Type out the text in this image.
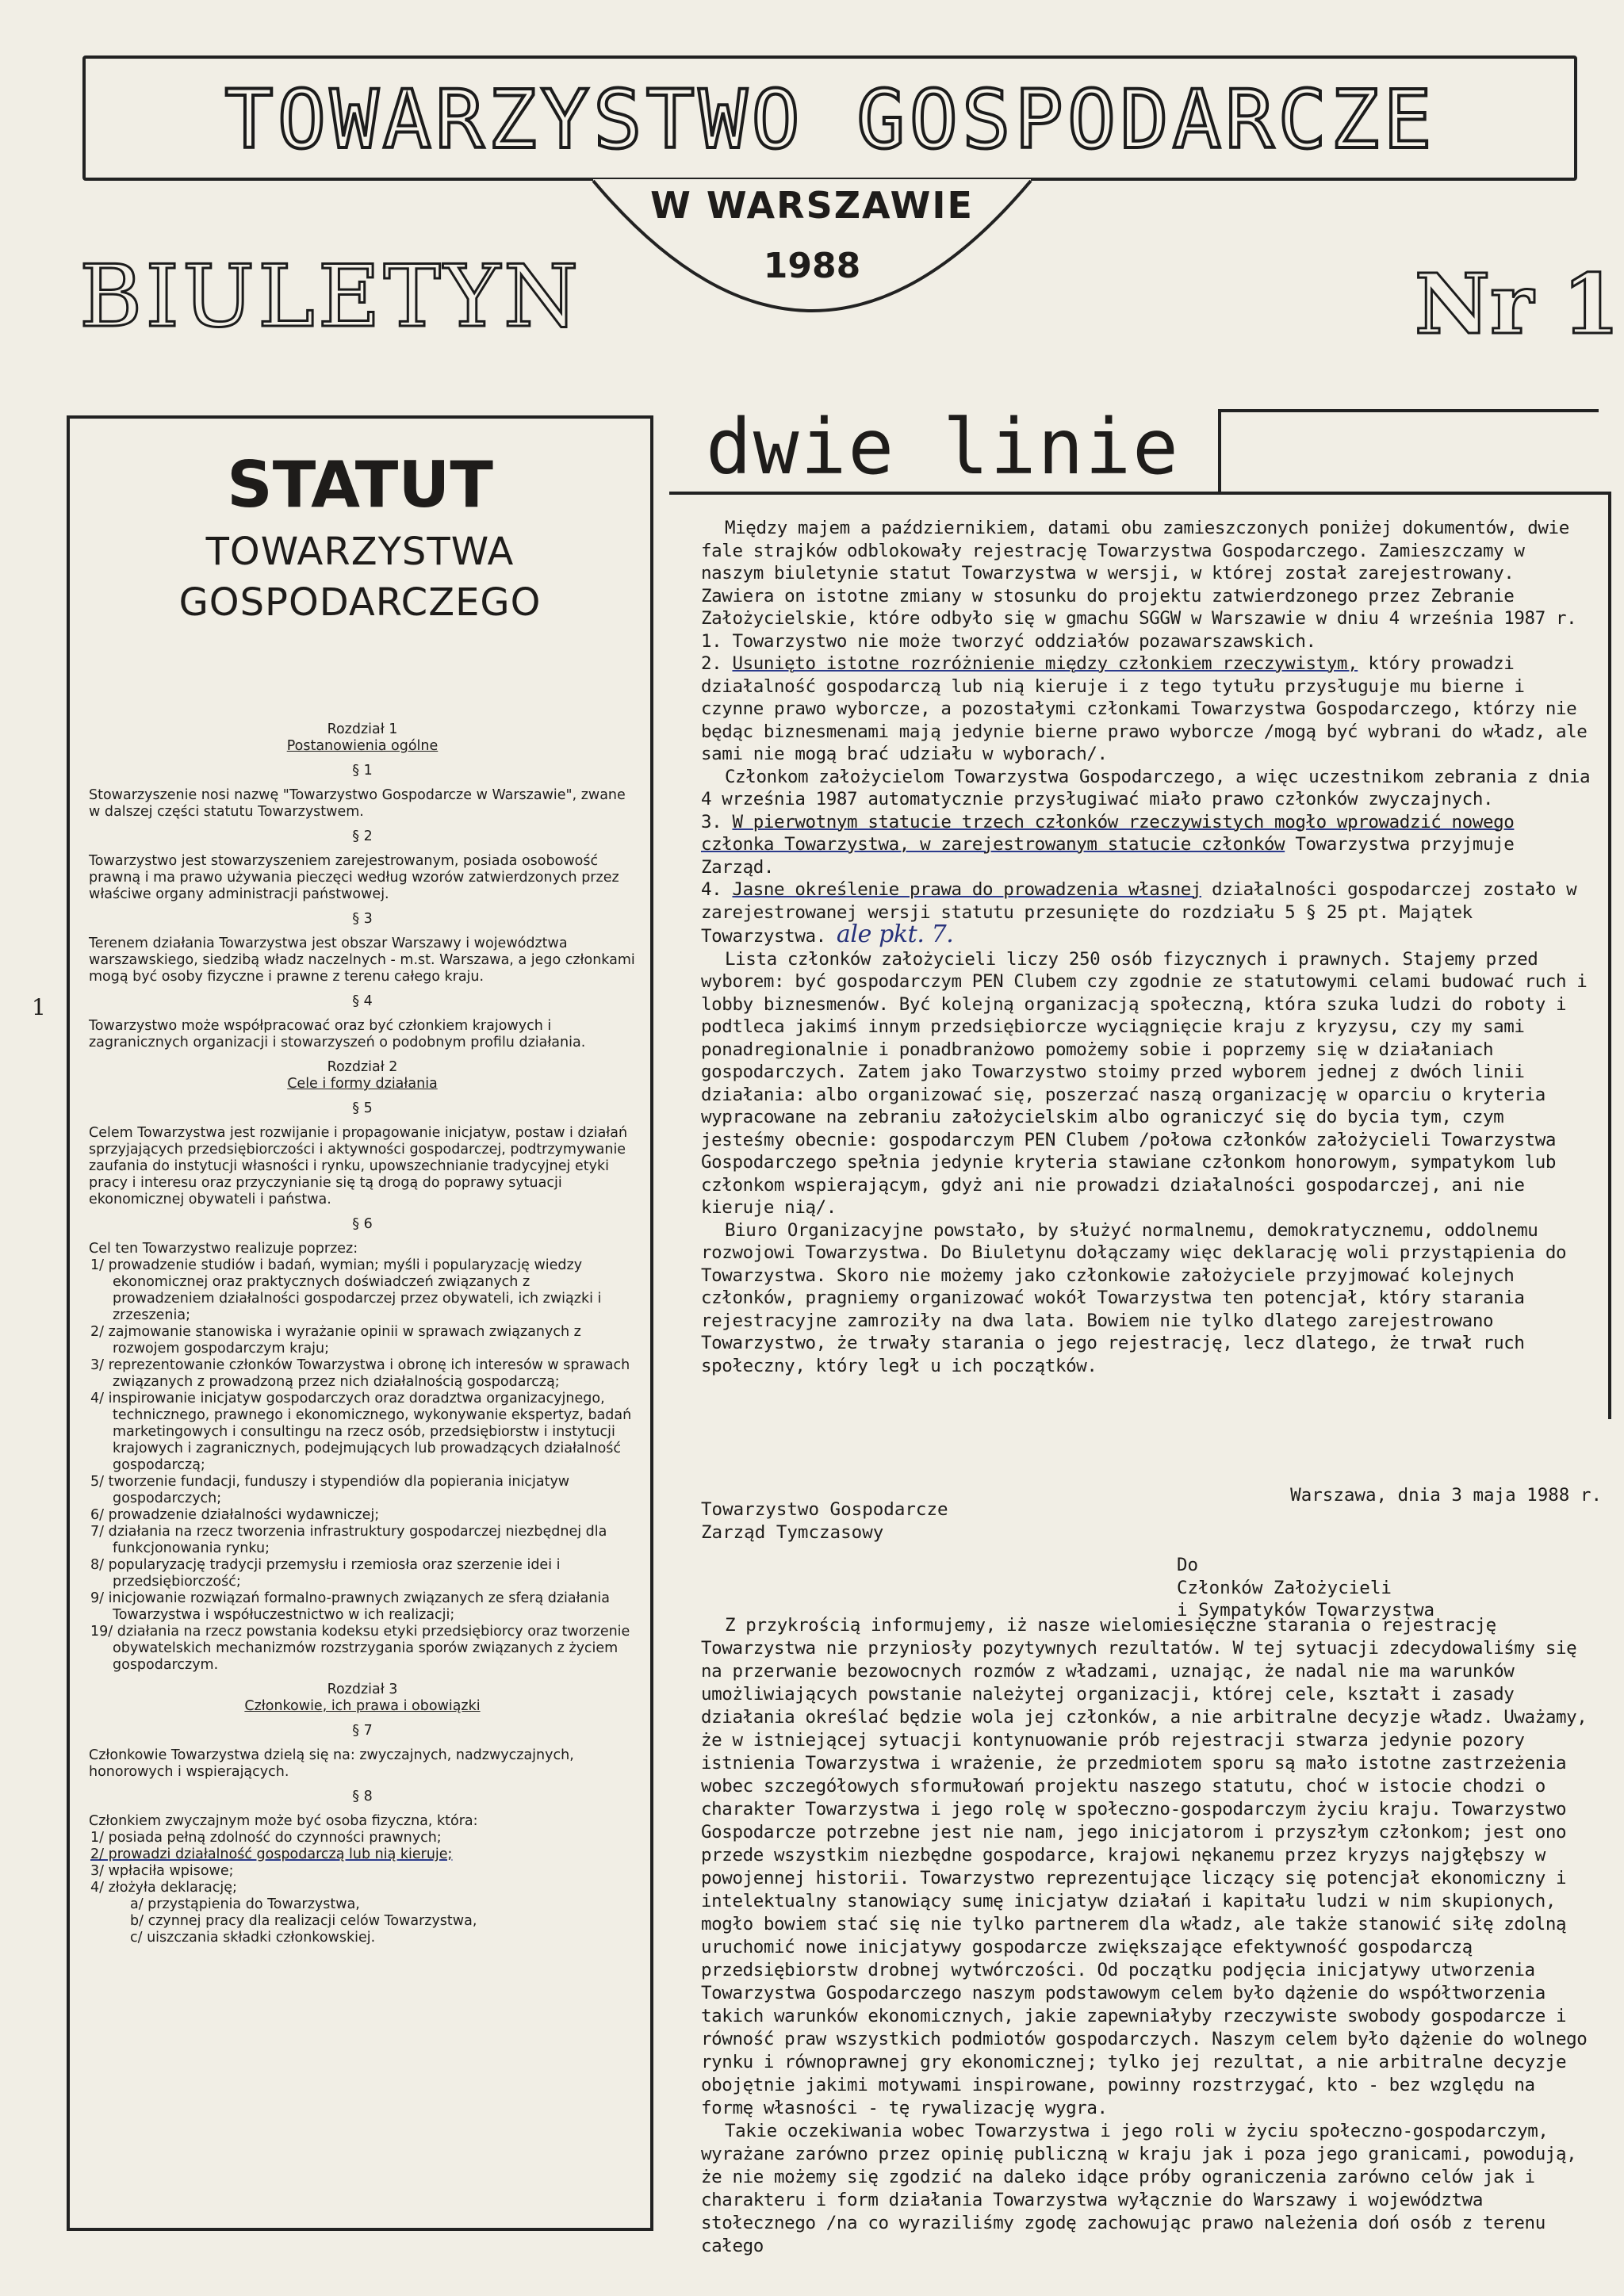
TOWARZYSTWO GOSPODARCZE
W WARSZAWIE
1988
BIULETYN	Nr 1
1
STATUT
TOWARZYSTWA
GOSPODARCZEGO

Rozdział 1

Postanowienia ogólne

§ 1

Stowarzyszenie nosi nazwę "Towarzystwo Gospodarcze w Warszawie", zwane w dalszej części statutu Towarzystwem.

§ 2

Towarzystwo jest stowarzyszeniem zarejestrowanym, posiada osobowość prawną i ma prawo używania pieczęci według wzorów zatwierdzonych przez właściwe organy administracji państwowej.

§ 3

Terenem działania Towarzystwa jest obszar Warszawy i województwa warszawskiego, siedzibą władz naczelnych - m.st. Warszawa, a jego członkami mogą być osoby fizyczne i prawne z terenu całego kraju.

§ 4

Towarzystwo może współpracować oraz być członkiem krajowych i zagranicznych organizacji i stowarzyszeń o podobnym profilu działania.

Rozdział 2

Cele i formy działania

§ 5

Celem Towarzystwa jest rozwijanie i propagowanie inicjatyw, postaw i działań sprzyjających przedsiębiorczości i aktywności gospodarczej, podtrzymywanie zaufania do instytucji własności i rynku, upowszechnianie tradycyjnej etyki pracy i interesu oraz przyczynianie się tą drogą do poprawy sytuacji ekonomicznej obywateli i państwa.

§ 6

Cel ten Towarzystwo realizuje poprzez:

1/ prowadzenie studiów i badań, wymian; myśli i popularyzację wiedzy ekonomicznej oraz praktycznych doświadczeń związanych z prowadzeniem działalności gospodarczej przez obywateli, ich związki i zrzeszenia;

2/ zajmowanie stanowiska i wyrażanie opinii w sprawach związanych z rozwojem gospodarczym kraju;

3/ reprezentowanie członków Towarzystwa i obronę ich interesów w sprawach związanych z prowadzoną przez nich działalnością gospodarczą;

4/ inspirowanie inicjatyw gospodarczych oraz doradztwa organizacyjnego, technicznego, prawnego i ekonomicznego, wykonywanie ekspertyz, badań marketingowych i consultingu na rzecz osób, przedsiębiorstw i instytucji krajowych i zagranicznych, podejmujących lub prowadzących działalność gospodarczą;

5/ tworzenie fundacji, funduszy i stypendiów dla popierania inicjatyw gospodarczych;

6/ prowadzenie działalności wydawniczej;

7/ działania na rzecz tworzenia infrastruktury gospodarczej niezbędnej dla funkcjonowania rynku;

8/ popularyzację tradycji przemysłu i rzemiosła oraz szerzenie idei i przedsiębiorczość;

9/ inicjowanie rozwiązań formalno-prawnych związanych ze sferą działania Towarzystwa i współuczestnictwo w ich realizacji;

19/ działania na rzecz powstania kodeksu etyki przedsiębiorcy oraz tworzenie obywatelskich mechanizmów rozstrzygania sporów związanych z życiem gospodarczym.

Rozdział 3

Członkowie, ich prawa i obowiązki

§ 7

Członkowie Towarzystwa dzielą się na: zwyczajnych, nadzwyczajnych, honorowych i wspierających.

§ 8

Członkiem zwyczajnym może być osoba fizyczna, która:

1/ posiada pełną zdolność do czynności prawnych;

2/ prowadzi działalność gospodarczą lub nią kieruje;

3/ wpłaciła wpisowe;

4/ złożyła deklarację;

a/ przystąpienia do Towarzystwa,

b/ czynnej pracy dla realizacji celów Towarzystwa,

c/ uiszczania składki członkowskiej.

dwie linie

Między majem a październikiem, datami obu zamieszczonych poniżej dokumentów, dwie fale strajków odblokowały rejestrację Towarzystwa Gospodarczego. Zamieszczamy w naszym biuletynie statut Towarzystwa w wersji, w której został zarejestrowany. Zawiera on istotne zmiany w stosunku do projektu zatwierdzonego przez Zebranie Założycielskie, które odbyło się w gmachu SGGW w Warszawie w dniu 4 września 1987 r.

1. Towarzystwo nie może tworzyć oddziałów pozawarszawskich.

2. Usunięto istotne rozróżnienie między członkiem rzeczywistym, który prowadzi działalność gospodarczą lub nią kieruje i z tego tytułu przysługuje mu bierne i czynne prawo wyborcze, a pozostałymi członkami Towarzystwa Gospodarczego, którzy nie będąc biznesmenami mają jedynie bierne prawo wyborcze /mogą być wybrani do władz, ale sami nie mogą brać udziału w wyborach/.

Członkom założycielom Towarzystwa Gospodarczego, a więc uczestnikom zebrania z dnia 4 września 1987 automatycznie przysługiwać miało prawo członków zwyczajnych.

3. W pierwotnym statucie trzech członków rzeczywistych mogło wprowadzić nowego członka Towarzystwa, w zarejestrowanym statucie członków Towarzystwa przyjmuje Zarząd.

4. Jasne określenie prawa do prowadzenia własnej działalności gospodarczej zostało w zarejestrowanej wersji statutu przesunięte do rozdziału 5 § 25 pt. Majątek Towarzystwa. ale pkt. 7.

Lista członków założycieli liczy 250 osób fizycznych i prawnych. Stajemy przed wyborem: być gospodarczym PEN Clubem czy zgodnie ze statutowymi celami budować ruch i lobby biznesmenów. Być kolejną organizacją społeczną, która szuka ludzi do roboty i podtleca jakimś innym przedsiębiorcze wyciągnięcie kraju z kryzysu, czy my sami ponadregionalnie i ponadbranżowo pomożemy sobie i poprzemy się w działaniach gospodarczych. Zatem jako Towarzystwo stoimy przed wyborem jednej z dwóch linii działania: albo organizować się, poszerzać naszą organizację w oparciu o kryteria wypracowane na zebraniu założycielskim albo ograniczyć się do bycia tym, czym jesteśmy obecnie: gospodarczym PEN Clubem /połowa członków założycieli Towarzystwa Gospodarczego spełnia jedynie kryteria stawiane członkom honorowym, sympatykom lub członkom wspierającym, gdyż ani nie prowadzi działalności gospodarczej, ani nie kieruje nią/.

Biuro Organizacyjne powstało, by służyć normalnemu, demokratycznemu, oddolnemu rozwojowi Towarzystwa. Do Biuletynu dołączamy więc deklarację woli przystąpienia do Towarzystwa. Skoro nie możemy jako członkowie założyciele przyjmować kolejnych członków, pragniemy organizować wokół Towarzystwa ten potencjał, który starania rejestracyjne zamroziły na dwa lata. Bowiem nie tylko dlatego zarejestrowano Towarzystwo, że trwały starania o jego rejestrację, lecz dlatego, że trwał ruch społeczny, który legł u ich początków.

Warszawa, dnia 3 maja 1988 r.

Towarzystwo Gospodarcze

Zarząd Tymczasowy

Do

Członków Założycieli

i Sympatyków Towarzystwa

Z przykrością informujemy, iż nasze wielomiesięczne starania o rejestrację Towarzystwa nie przyniosły pozytywnych rezultatów. W tej sytuacji zdecydowaliśmy się na przerwanie bezowocnych rozmów z władzami, uznając, że nadal nie ma warunków umożliwiających powstanie należytej organizacji, której cele, kształt i zasady działania określać będzie wola jej członków, a nie arbitralne decyzje władz. Uważamy, że w istniejącej sytuacji kontynuowanie prób rejestracji stwarza jedynie pozory istnienia Towarzystwa i wrażenie, że przedmiotem sporu są mało istotne zastrzeżenia wobec szczegółowych sformułowań projektu naszego statutu, choć w istocie chodzi o charakter Towarzystwa i jego rolę w społeczno-gospodarczym życiu kraju. Towarzystwo Gospodarcze potrzebne jest nie nam, jego inicjatorom i przyszłym członkom; jest ono przede wszystkim niezbędne gospodarce, krajowi nękanemu przez kryzys najgłębszy w powojennej historii. Towarzystwo reprezentujące liczący się potencjał ekonomiczny i intelektualny stanowiący sumę inicjatyw działań i kapitału ludzi w nim skupionych, mogło bowiem stać się nie tylko partnerem dla władz, ale także stanowić siłę zdolną uruchomić nowe inicjatywy gospodarcze zwiększające efektywność gospodarczą przedsiębiorstw drobnej wytwórczości. Od początku podjęcia inicjatywy utworzenia Towarzystwa Gospodarczego naszym podstawowym celem było dążenie do współtworzenia takich warunków ekonomicznych, jakie zapewniałyby rzeczywiste swobody gospodarcze i równość praw wszystkich podmiotów gospodarczych. Naszym celem było dążenie do wolnego rynku i równoprawnej gry ekonomicznej; tylko jej rezultat, a nie arbitralne decyzje obojętnie jakimi motywami inspirowane, powinny rozstrzygać, kto - bez względu na formę własności - tę rywalizację wygra.

Takie oczekiwania wobec Towarzystwa i jego roli w życiu społeczno-gospodarczym, wyrażane zarówno przez opinię publiczną w kraju jak i poza jego granicami, powodują, że nie możemy się zgodzić na daleko idące próby ograniczenia zarówno celów jak i charakteru i form działania Towarzystwa wyłącznie do Warszawy i województwa stołecznego /na co wyraziliśmy zgodę zachowując prawo należenia doń osób z terenu całego
